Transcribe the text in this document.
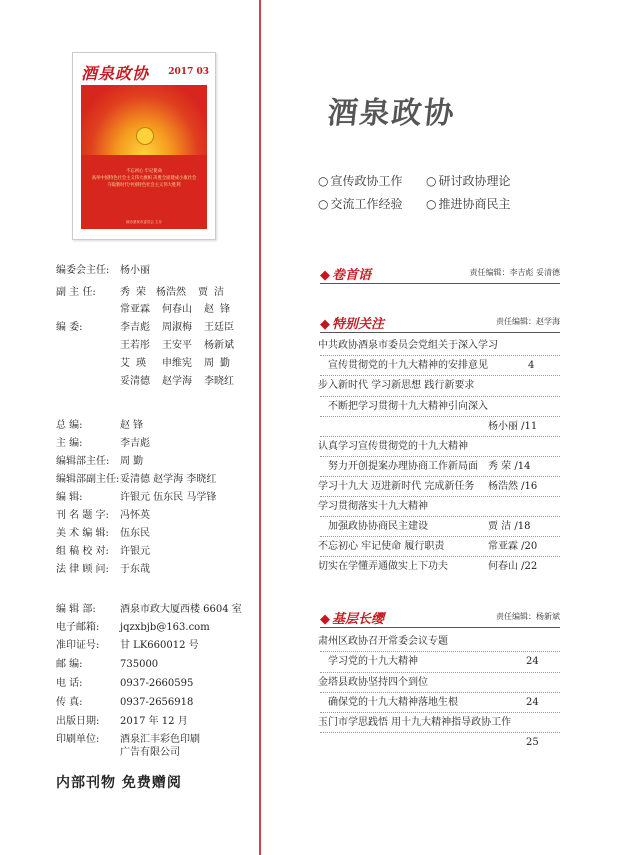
酒泉政协 2017 03
不忘初心 牢记使命
高举中国特色社会主义伟大旗帜 决胜全面建成小康社会
夺取新时代中国特色社会主义伟大胜利
政协酒泉市委员会 主办
编委会主任: 杨小丽
副 主 任: 秀 荣 杨浩然 贾 洁
常亚霖 何春山 赵 锋
编 委:	李吉彪 周淑梅 王廷臣
王若彤 王安平 杨新斌
艾 瑛 申维宪 周 勤
妥清德 赵学海 李晓红
总 编:	赵 锋
主 编:	李吉彪
编辑部主任: 周 勤
编辑部副主任:妥清德 赵学海 李晓红
编 辑:	许银元 伍东民 马学锋
刊 名 题 字: 冯怀英
美 术 编 辑: 伍东民
组 稿 校 对: 许银元
法 律 顾 问: 于东哉
编 辑 部: 酒泉市政大厦西楼 6604 室
电子邮箱: jqzxbjb@163.com
准印证号: 甘 LK660012 号
邮 编:	735000
电 话:	0937-2660595
传 真:	0937-2656918
出版日期: 2017 年 12 月
印刷单位: 酒泉汇丰彩色印刷
广告有限公司
内部刊物 免费赠阅
酒泉政协
○ 宣传政协工作 ○ 研讨政协理论
○ 交流工作经验 ○ 推进协商民主
◆ 卷首语	责任编辑：李吉彪 妥清德
◆ 特别关注	责任编辑：赵学海
中共政协酒泉市委员会党组关于深入学习
宣传贯彻党的十九大精神的安排意见	4
步入新时代 学习新思想 践行新要求
不断把学习贯彻十九大精神引向深入
杨小丽 /11
认真学习宣传贯彻党的十九大精神
努力开创提案办理协商工作新局面 秀 荣 /14
学习十九大 迈进新时代 完成新任务 杨浩然 /16
学习贯彻落实十九大精神
加强政协协商民主建设	贾 洁 /18
不忘初心 牢记使命 履行职责	常亚霖 /20
切实在学懂弄通做实上下功夫	何春山 /22
◆ 基层长缨	责任编辑：杨新斌
肃州区政协召开常委会议专题
学习党的十九大精神	24
金塔县政协坚持四个到位
确保党的十九大精神落地生根	24
玉门市学思践悟 用十九大精神指导政协工作
25
